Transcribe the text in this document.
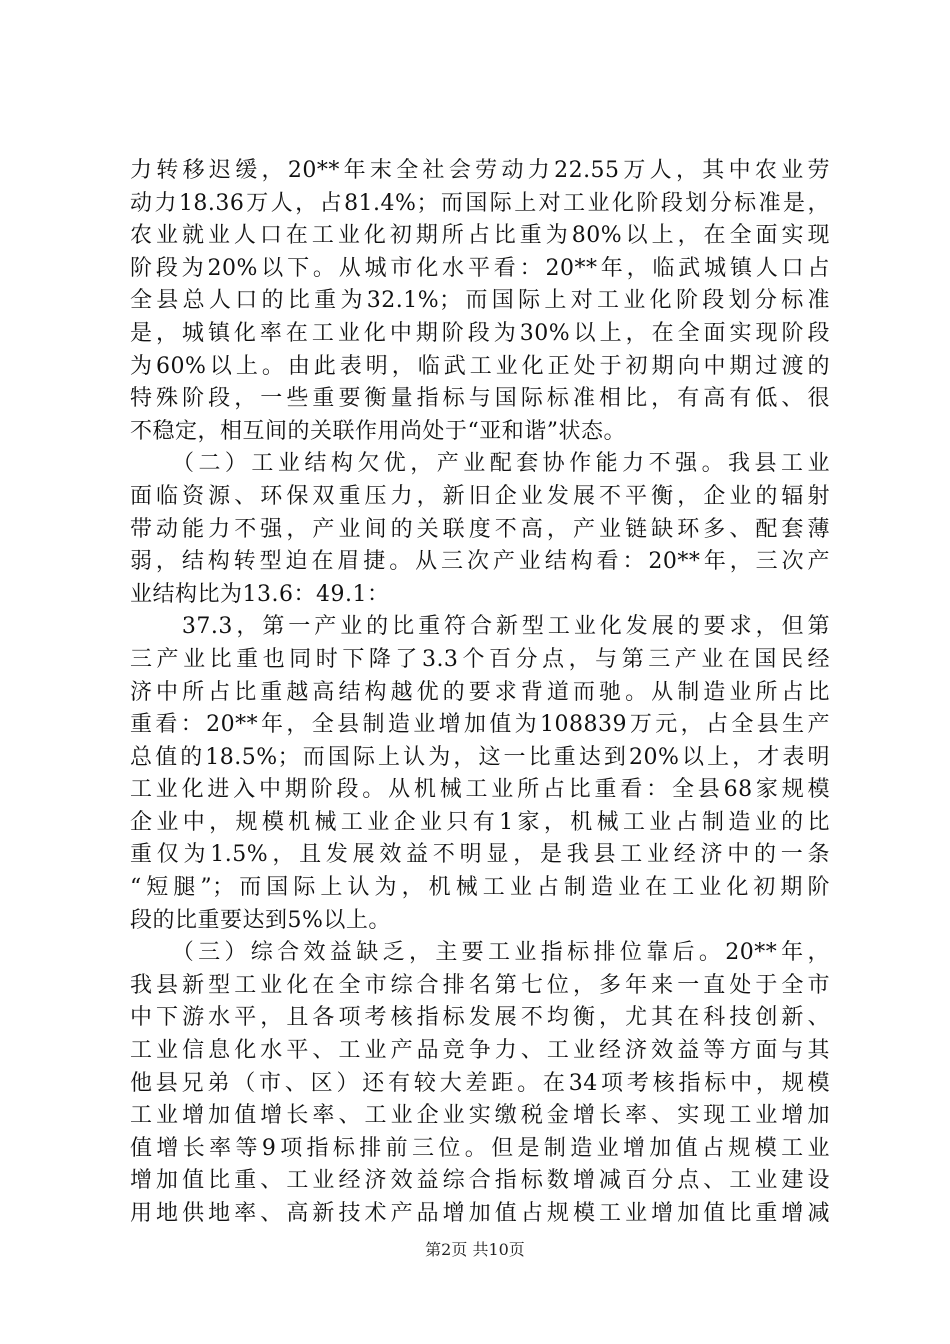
力转移迟缓，20**年末全社会劳动力22.55万人，其中农业劳
动力18.36万人，占81.4%；而国际上对工业化阶段划分标准是，
农业就业人口在工业化初期所占比重为80%以上，在全面实现
阶段为20%以下。从城市化水平看：20**年，临武城镇人口占
全县总人口的比重为32.1%；而国际上对工业化阶段划分标准
是，城镇化率在工业化中期阶段为30%以上，在全面实现阶段
为60%以上。由此表明，临武工业化正处于初期向中期过渡的
特殊阶段，一些重要衡量指标与国际标准相比，有高有低、很
不稳定，相互间的关联作用尚处于“亚和谐”状态。
　　（二）工业结构欠优，产业配套协作能力不强。我县工业
面临资源、环保双重压力，新旧企业发展不平衡，企业的辐射
带动能力不强，产业间的关联度不高，产业链缺环多、配套薄
弱，结构转型迫在眉捷。从三次产业结构看：20**年，三次产
业结构比为13.6：49.1：
　　37.3，第一产业的比重符合新型工业化发展的要求，但第
三产业比重也同时下降了3.3个百分点，与第三产业在国民经
济中所占比重越高结构越优的要求背道而驰。从制造业所占比
重看：20**年，全县制造业增加值为108839万元，占全县生产
总值的18.5%；而国际上认为，这一比重达到20%以上，才表明
工业化进入中期阶段。从机械工业所占比重看：全县68家规模
企业中，规模机械工业企业只有1家，机械工业占制造业的比
重仅为1.5%，且发展效益不明显，是我县工业经济中的一条
“短腿”；而国际上认为，机械工业占制造业在工业化初期阶
段的比重要达到5%以上。
　　（三）综合效益缺乏，主要工业指标排位靠后。20**年，
我县新型工业化在全市综合排名第七位，多年来一直处于全市
中下游水平，且各项考核指标发展不均衡，尤其在科技创新、
工业信息化水平、工业产品竞争力、工业经济效益等方面与其
他县兄弟（市、区）还有较大差距。在34项考核指标中，规模
工业增加值增长率、工业企业实缴税金增长率、实现工业增加
值增长率等9项指标排前三位。但是制造业增加值占规模工业
增加值比重、工业经济效益综合指标数增减百分点、工业建设
用地供地率、高新技术产品增加值占规模工业增加值比重增减
第2页 共10页
